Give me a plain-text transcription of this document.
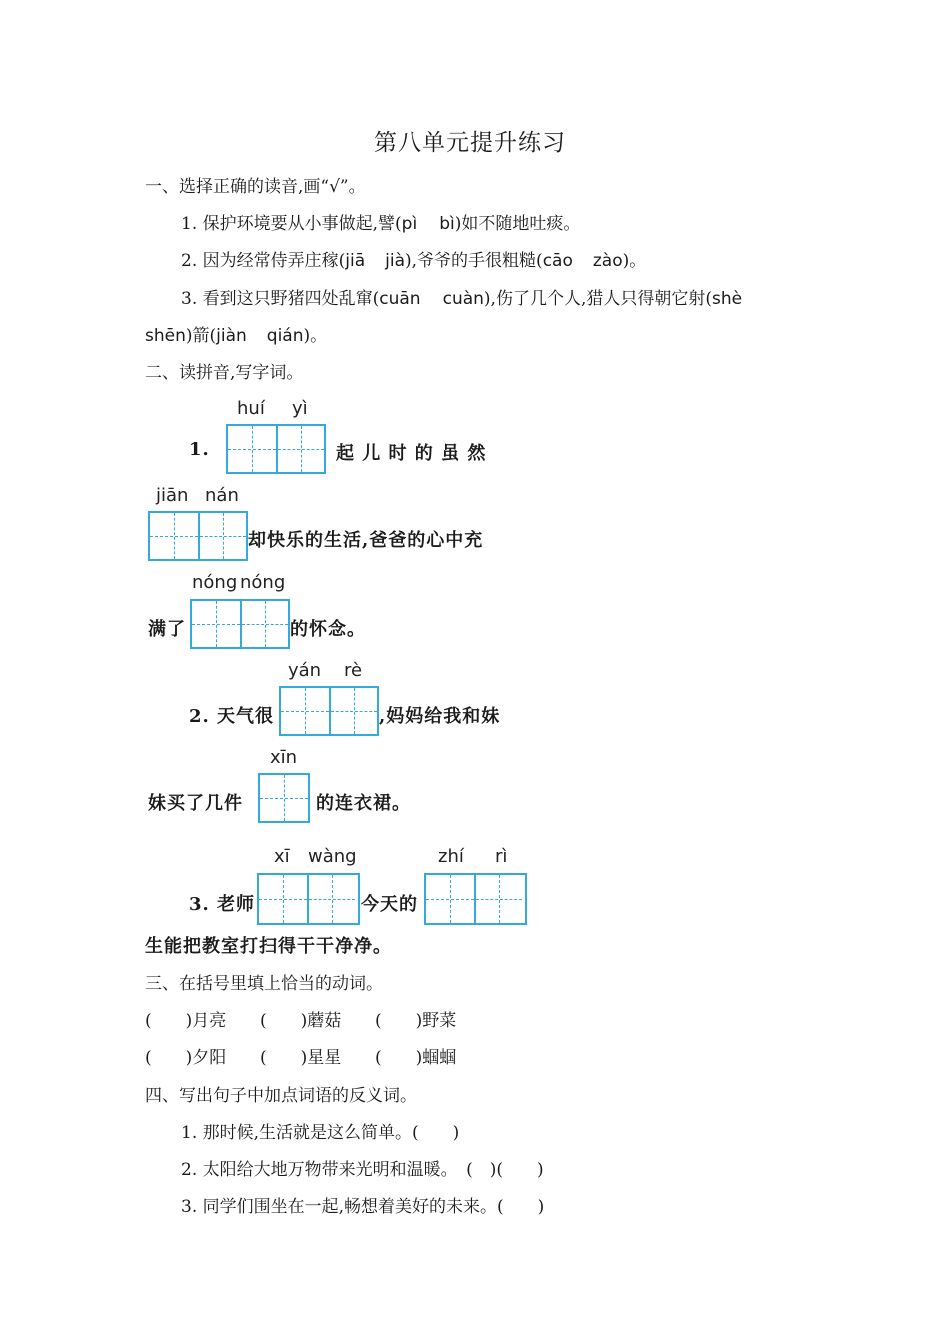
第八单元提升练习
一、选择正确的读音,画“√”。
1. 保护环境要从小事做起,譬(pì bì)如不随地吐痰。
2. 因为经常侍弄庄稼(jiā jià),爷爷的手很粗糙(cāo zào)。
3. 看到这只野猪四处乱窜(cuān cuàn),伤了几个人,猎人只得朝它射(shè
shēn)箭(jiàn qián)。
二、读拼音,写字词。
huí yì
1.	起 儿 时 的 虽 然
jiān nán
却快乐的生活,爸爸的心中充
nóng nóng
满了	的怀念。
yán rè
2. 天气很	,妈妈给我和妹
xīn
妹买了几件	的连衣裙。
xī wàng	zhí rì
3. 老师	今天的
生能把教室打扫得干干净净。
三、在括号里填上恰当的动词。
(　　)月亮 (　　)蘑菇 (　　)野菜
(　　)夕阳 (　　)星星 (　　)蝈蝈
四、写出句子中加点词语的反义词。
1. 那时候,生活就是这么简单。(　　)
2. 太阳给大地万物带来光明和温暖。　(　)(　　)
3. 同学们围坐在一起,畅想着美好的未来。(　　)
